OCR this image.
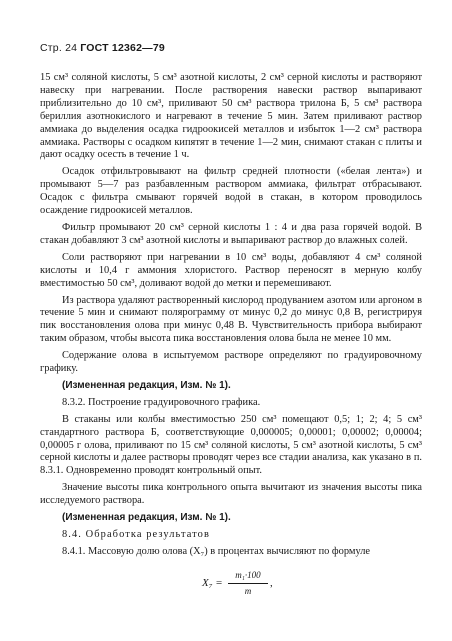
Стр. 24 ГОСТ 12362—79

15 см³ соляной кислоты, 5 см³ азотной кислоты, 2 см³ серной кислоты и растворяют навеску при нагревании. После растворения навески раствор выпаривают приблизительно до 10 см³, приливают 50 см³ раствора трилона Б, 5 см³ раствора бериллия азотнокислого и нагревают в течение 5 мин. Затем приливают раствор аммиака до выделения осадка гидроокисей металлов и избыток 1—2 см³ раствора аммиака. Растворы с осадком кипятят в течение 1—2 мин, снимают стакан с плиты и дают осадку осесть в течение 1 ч.

Осадок отфильтровывают на фильтр средней плотности («белая лента») и промывают 5—7 раз разбавленным раствором аммиака, фильтрат отбрасывают. Осадок с фильтра смывают горячей водой в стакан, в котором проводилось осаждение гидроокисей металлов.

Фильтр промывают 20 см³ серной кислоты 1 : 4 и два раза горячей водой. В стакан добавляют 3 см³ азотной кислоты и выпаривают раствор до влажных солей.

Соли растворяют при нагревании в 10 см³ воды, добавляют 4 см³ соляной кислоты и 10,4 г аммония хлористого. Раствор переносят в мерную колбу вместимостью 50 см³, доливают водой до метки и перемешивают.

Из раствора удаляют растворенный кислород продуванием азотом или аргоном в течение 5 мин и снимают полярограмму от минус 0,2 до минус 0,8 В, регистрируя пик восстановления олова при минус 0,48 В. Чувствительность прибора выбирают таким образом, чтобы высота пика восстановления олова была не менее 10 мм.

Содержание олова в испытуемом растворе определяют по градуировочному графику.

(Измененная редакция, Изм. № 1).

8.3.2. Построение градуировочного графика.

В стаканы или колбы вместимостью 250 см³ помещают 0,5; 1; 2; 4; 5 см³ стандартного раствора Б, соответствующие 0,000005; 0,00001; 0,00002; 0,00004; 0,00005 г олова, приливают по 15 см³ соляной кислоты, 5 см³ азотной кислоты, 5 см³ серной кислоты и далее растворы проводят через все стадии анализа, как указано в п. 8.3.1. Одновременно проводят контрольный опыт.

Значение высоты пика контрольного опыта вычитают из значения высоты пика исследуемого раствора.

(Измененная редакция, Изм. № 1).

8.4. Обработка результатов

8.4.1. Массовую долю олова (X₇) в процентах вычисляют по формуле

$X_7 = \frac{\text{m₁·100}}{m}$ ,
